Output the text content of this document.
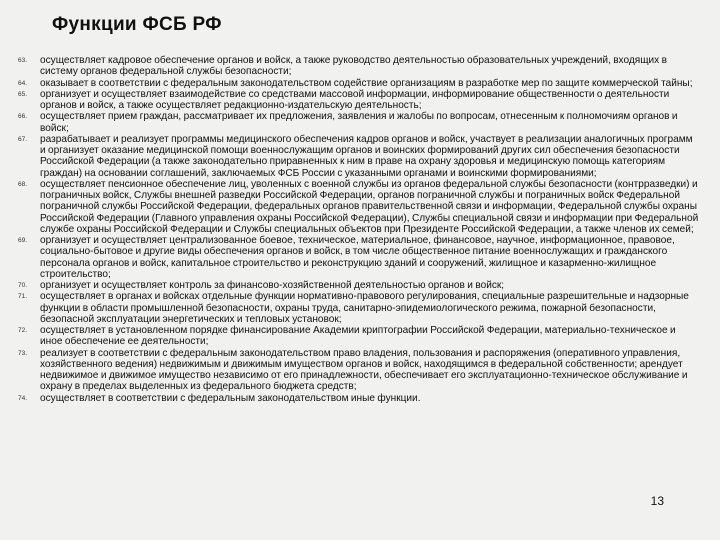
Функции ФСБ РФ
63.	осуществляет кадровое обеспечение органов и войск, а также руководство деятельностью образовательных учреждений, входящих в систему органов федеральной службы безопасности;
64.	оказывает в соответствии с федеральным законодательством содействие организациям в разработке мер по защите коммерческой тайны;
65.	организует и осуществляет взаимодействие со средствами массовой информации, информирование общественности о деятельности органов и войск, а также осуществляет редакционно-издательскую деятельность;
66.	осуществляет прием граждан, рассматривает их предложения, заявления и жалобы по вопросам, отнесенным к полномочиям органов и войск;
67.	разрабатывает и реализует программы медицинского обеспечения кадров органов и войск, участвует в реализации аналогичных программ и организует оказание медицинской помощи военнослужащим органов и воинских формирований других сил обеспечения безопасности Российской Федерации (а также законодательно приравненных к ним в праве на охрану здоровья и медицинскую помощь категориям граждан) на основании соглашений, заключаемых ФСБ России с указанными органами и воинскими формированиями;
68.	осуществляет пенсионное обеспечение лиц, уволенных с военной службы из органов федеральной службы безопасности (контрразведки) и пограничных войск, Службы внешней разведки Российской Федерации, органов пограничной службы и пограничных войск Федеральной пограничной службы Российской Федерации, федеральных органов правительственной связи и информации, Федеральной службы охраны Российской Федерации (Главного управления охраны Российской Федерации), Службы специальной связи и информации при Федеральной службе охраны Российской Федерации и Службы специальных объектов при Президенте Российской Федерации, а также членов их семей;
69.	организует и осуществляет централизованное боевое, техническое, материальное, финансовое, научное, информационное, правовое, социально-бытовое и другие виды обеспечения органов и войск, в том числе общественное питание военнослужащих и гражданского персонала органов и войск, капитальное строительство и реконструкцию зданий и сооружений, жилищное и казарменно-жилищное строительство;
70.	организует и осуществляет контроль за финансово-хозяйственной деятельностью органов и войск;
71.	осуществляет в органах и войсках отдельные функции нормативно-правового регулирования, специальные разрешительные и надзорные функции в области промышленной безопасности, охраны труда, санитарно-эпидемиологического режима, пожарной безопасности, безопасной эксплуатации энергетических и тепловых установок;
72.	осуществляет в установленном порядке финансирование Академии криптографии Российской Федерации, материально-техническое и иное обеспечение ее деятельности;
73.	реализует в соответствии с федеральным законодательством право владения, пользования и распоряжения (оперативного управления, хозяйственного ведения) недвижимым и движимым имуществом органов и войск, находящимся в федеральной собственности; арендует недвижимое и движимое имущество независимо от его принадлежности, обеспечивает его эксплуатационно-техническое обслуживание и охрану в пределах выделенных из федерального бюджета средств;
74.	осуществляет в соответствии с федеральным законодательством иные функции.
13
